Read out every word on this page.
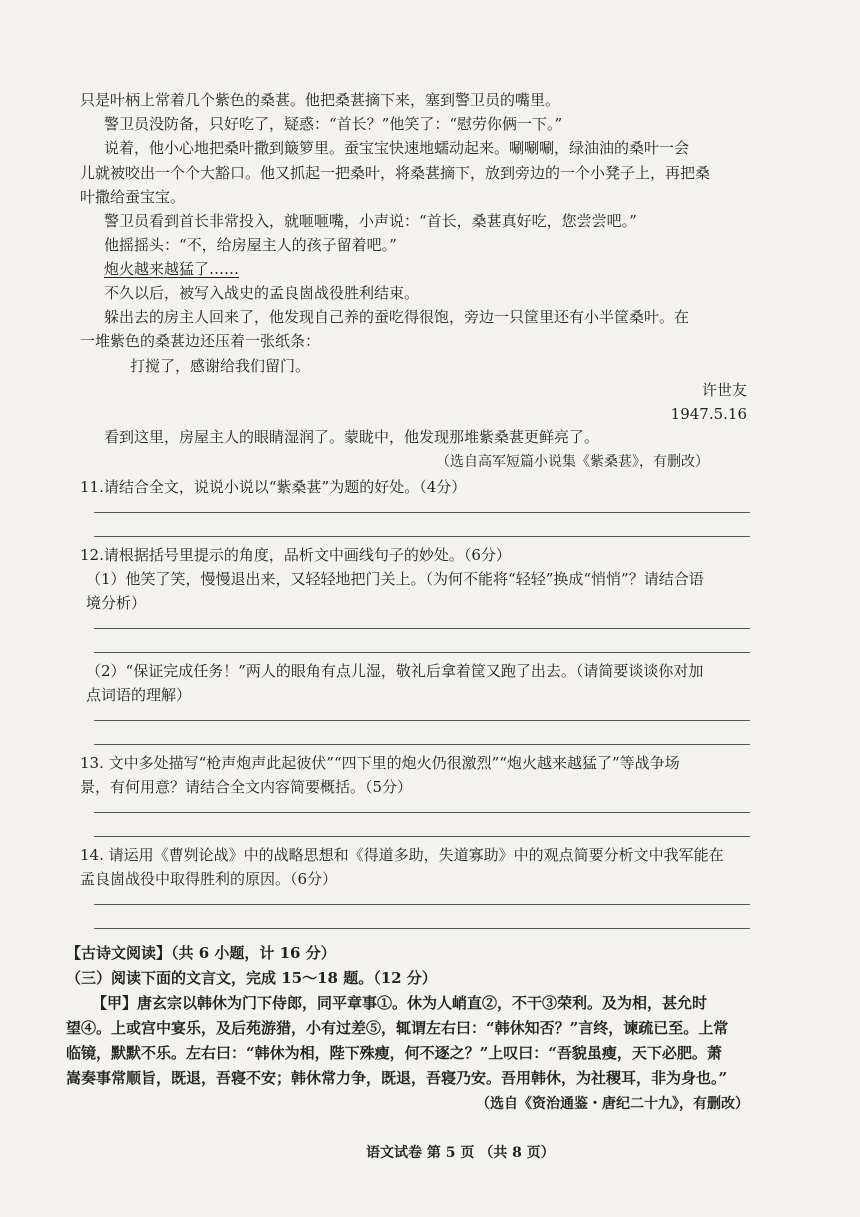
只是叶柄上常着几个紫色的桑葚。他把桑葚摘下来，塞到警卫员的嘴里。
警卫员没防备，只好吃了，疑惑：“首长？”他笑了：“慰劳你俩一下。”
说着，他小心地把桑叶撒到簸箩里。蚕宝宝快速地蠕动起来。唰唰唰，绿油油的桑叶一会
儿就被咬出一个个大豁口。他又抓起一把桑叶，将桑葚摘下，放到旁边的一个小凳子上，再把桑
叶撒给蚕宝宝。
警卫员看到首长非常投入，就咂咂嘴，小声说：“首长，桑葚真好吃，您尝尝吧。”
他摇摇头：“不，给房屋主人的孩子留着吧。”
炮火越来越猛了……
不久以后，被写入战史的孟良崮战役胜利结束。
躲出去的房主人回来了，他发现自己养的蚕吃得很饱，旁边一只筐里还有小半筐桑叶。在
一堆紫色的桑葚边还压着一张纸条：
打搅了，感谢给我们留门。
许世友
1947.5.16
看到这里，房屋主人的眼睛湿润了。蒙眬中，他发现那堆紫桑葚更鲜亮了。
（选自高军短篇小说集《紫桑葚》，有删改）
11.请结合全文，说说小说以“紫桑葚”为题的好处。（4分）
12.请根据括号里提示的角度，品析文中画线句子的妙处。（6分）
（1）他笑了笑，慢慢退出来，又轻轻地把门关上。（为何不能将“轻轻”换成“悄悄”？请结合语
境分析）
（2）“保证完成任务！”两人的眼角有点儿湿，敬礼后拿着筐又跑了出去。（请简要谈谈你对加
点词语的理解）
13. 文中多处描写“枪声炮声此起彼伏”“四下里的炮火仍很激烈”“炮火越来越猛了”等战争场
景，有何用意？请结合全文内容简要概括。（5分）
14. 请运用《曹刿论战》中的战略思想和《得道多助，失道寡助》中的观点简要分析文中我军能在
孟良崮战役中取得胜利的原因。（6分）
【古诗文阅读】（共 6 小题，计 16 分）
（三）阅读下面的文言文，完成 15～18 题。（12 分）
【甲】唐玄宗以韩休为门下侍郎，同平章事①。休为人峭直②，不干③荣利。及为相，甚允时
望④。上或宫中宴乐，及后苑游猎，小有过差⑤，辄谓左右曰：“韩休知否？”言终，谏疏已至。上常
临镜，默默不乐。左右曰：“韩休为相，陛下殊瘦，何不逐之？”上叹曰：“吾貌虽瘦，天下必肥。萧
嵩奏事常顺旨，既退，吾寝不安；韩休常力争，既退，吾寝乃安。吾用韩休，为社稷耳，非为身也。”
（选自《资治通鉴・唐纪二十九》，有删改）
语文试卷 第 5 页 （共 8 页）
